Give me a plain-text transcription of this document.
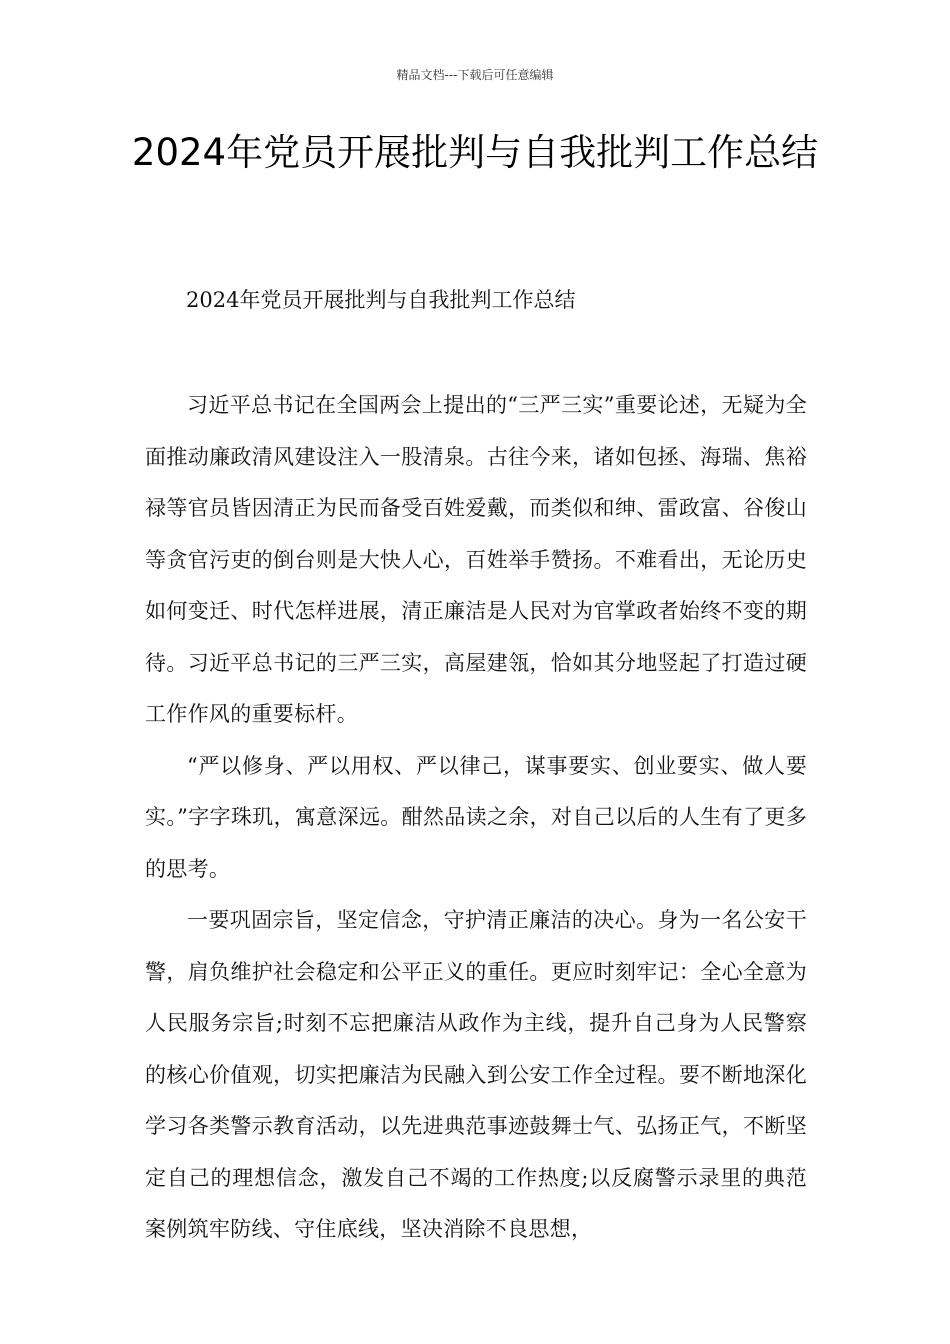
精品文档---下载后可任意编辑
2024年党员开展批判与自我批判工作总结

2024年党员开展批判与自我批判工作总结

习近平总书记在全国两会上提出的“三严三实”重要论述，无疑为全面推动廉政清风建设注入一股清泉。古往今来，诸如包拯、海瑞、焦裕禄等官员皆因清正为民而备受百姓爱戴，而类似和绅、雷政富、谷俊山等贪官污吏的倒台则是大快人心，百姓举手赞扬。不难看出，无论历史如何变迁、时代怎样进展，清正廉洁是人民对为官掌政者始终不变的期待。习近平总书记的三严三实，高屋建瓴，恰如其分地竖起了打造过硬工作作风的重要标杆。

“严以修身、严以用权、严以律己，谋事要实、创业要实、做人要实。”字字珠玑，寓意深远。酣然品读之余，对自己以后的人生有了更多的思考。

一要巩固宗旨，坚定信念，守护清正廉洁的决心。身为一名公安干警，肩负维护社会稳定和公平正义的重任。更应时刻牢记：全心全意为人民服务宗旨;时刻不忘把廉洁从政作为主线，提升自己身为人民警察的核心价值观，切实把廉洁为民融入到公安工作全过程。要不断地深化学习各类警示教育活动，以先进典范事迹鼓舞士气、弘扬正气，不断坚定自己的理想信念，激发自己不竭的工作热度;以反腐警示录里的典范案例筑牢防线、守住底线，坚决消除不良思想，
